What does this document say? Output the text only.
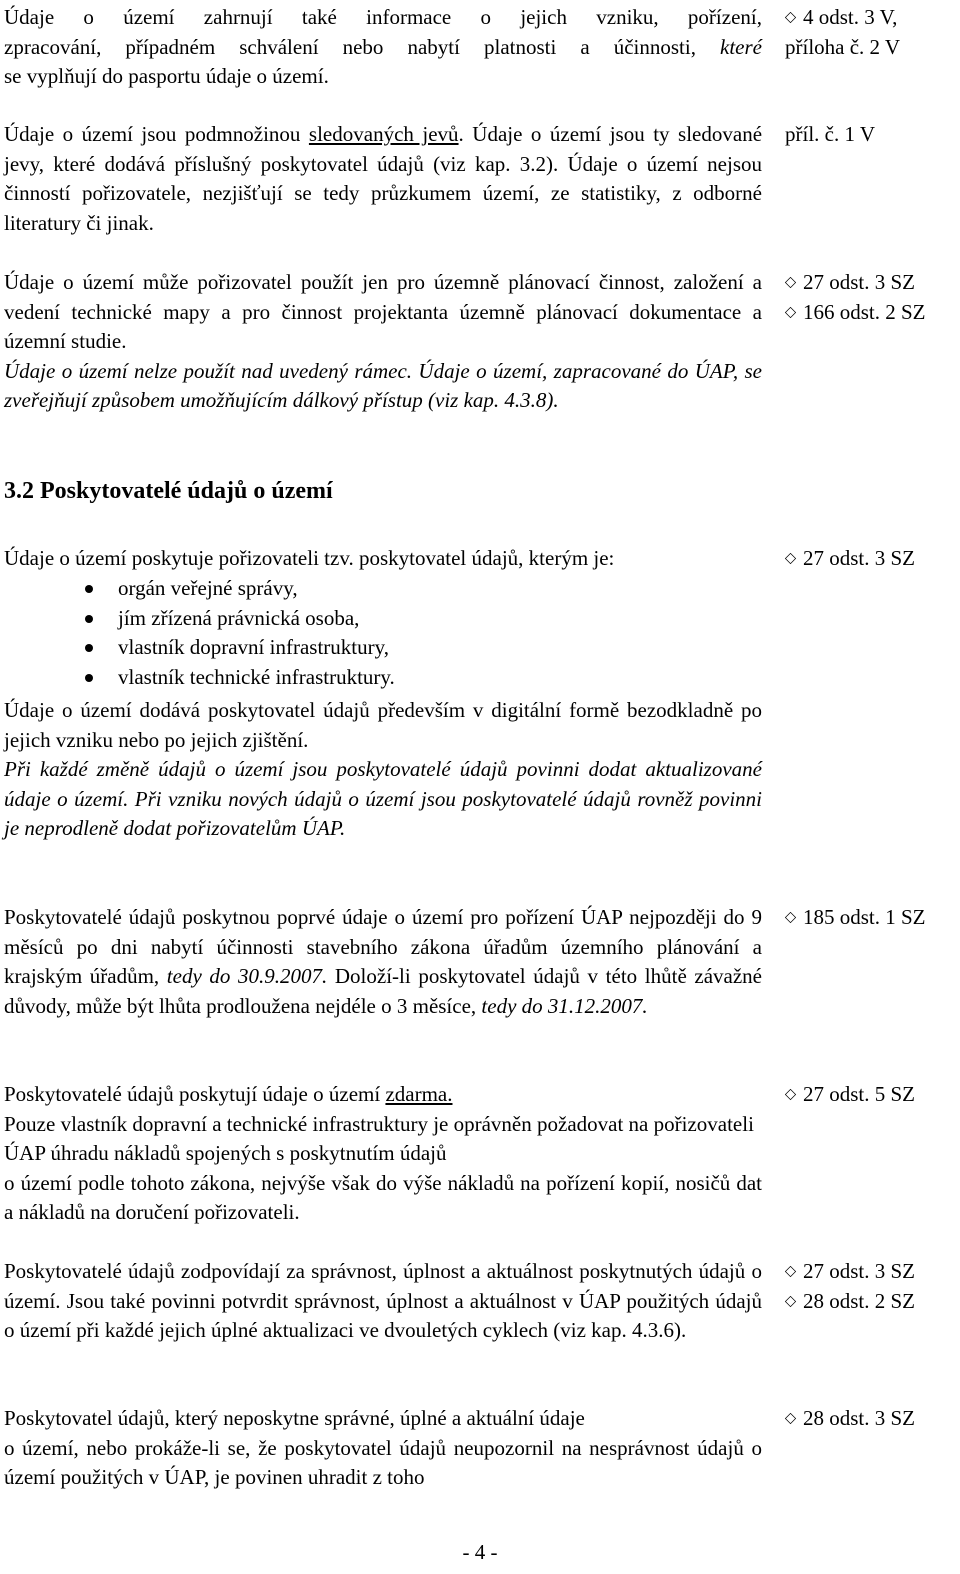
Údaje o území zahrnují také informace o jejich vzniku, pořízení,
zpracování, případném schválení nebo nabytí platnosti a účinnosti, které
se vyplňují do pasportu údaje o území.
4 odst. 3 V,
příloha č. 2 V
Údaje o území jsou podmnožinou sledovaných jevů. Údaje o území jsou ty sledované jevy, které dodává příslušný poskytovatel údajů (viz kap. 3.2). Údaje o území nejsou činností pořizovatele, nezjišťují se tedy průzkumem území, ze statistiky, z odborné literatury či jinak.
příl. č. 1 V
Údaje o území může pořizovatel použít jen pro územně plánovací činnost, založení a vedení technické mapy a pro činnost projektanta územně plánovací dokumentace a územní studie.
Údaje o území nelze použít nad uvedený rámec. Údaje o území, zapracované do ÚAP, se zveřejňují způsobem umožňujícím dálkový přístup (viz kap. 4.3.8).
27 odst. 3 SZ
166 odst. 2 SZ
3.2 Poskytovatelé údajů o území
Údaje o území poskytuje pořizovateli tzv. poskytovatel údajů, kterým je:	27 odst. 3 SZ
orgán veřejné správy,
jím zřízená právnická osoba,
vlastník dopravní infrastruktury,
vlastník technické infrastruktury.
Údaje o území dodává poskytovatel údajů především v digitální formě bezodkladně po jejich vzniku nebo po jejich zjištění.
Při každé změně údajů o území jsou poskytovatelé údajů povinni dodat aktualizované údaje o území. Při vzniku nových údajů o území jsou poskytovatelé údajů rovněž povinni je neprodleně dodat pořizovatelům ÚAP.
Poskytovatelé údajů poskytnou poprvé údaje o území pro pořízení ÚAP nejpozději do 9 měsíců po dni nabytí účinnosti stavebního zákona úřadům územního plánování a krajským úřadům, tedy do 30.9.2007. Doloží-li poskytovatel údajů v této lhůtě závažné důvody, může být lhůta prodloužena nejdéle o 3 měsíce, tedy do 31.12.2007.
185 odst. 1 SZ
Poskytovatelé údajů poskytují údaje o území zdarma.
Pouze vlastník dopravní a technické infrastruktury je oprávněn požadovat na pořizovateli ÚAP úhradu nákladů spojených s poskytnutím údajů
o území podle tohoto zákona, nejvýše však do výše nákladů na pořízení kopií, nosičů dat a nákladů na doručení pořizovateli.
27 odst. 5 SZ
Poskytovatelé údajů zodpovídají za správnost, úplnost a aktuálnost poskytnutých údajů o území. Jsou také povinni potvrdit správnost, úplnost a aktuálnost v ÚAP použitých údajů o území při každé jejich úplné aktualizaci ve dvouletých cyklech (viz kap. 4.3.6).
27 odst. 3 SZ
28 odst. 2 SZ
Poskytovatel údajů, který neposkytne správné, úplné a aktuální údaje
o území, nebo prokáže-li se, že poskytovatel údajů neupozornil na nesprávnost údajů o území použitých v ÚAP, je povinen uhradit z toho
28 odst. 3 SZ
- 4 -
